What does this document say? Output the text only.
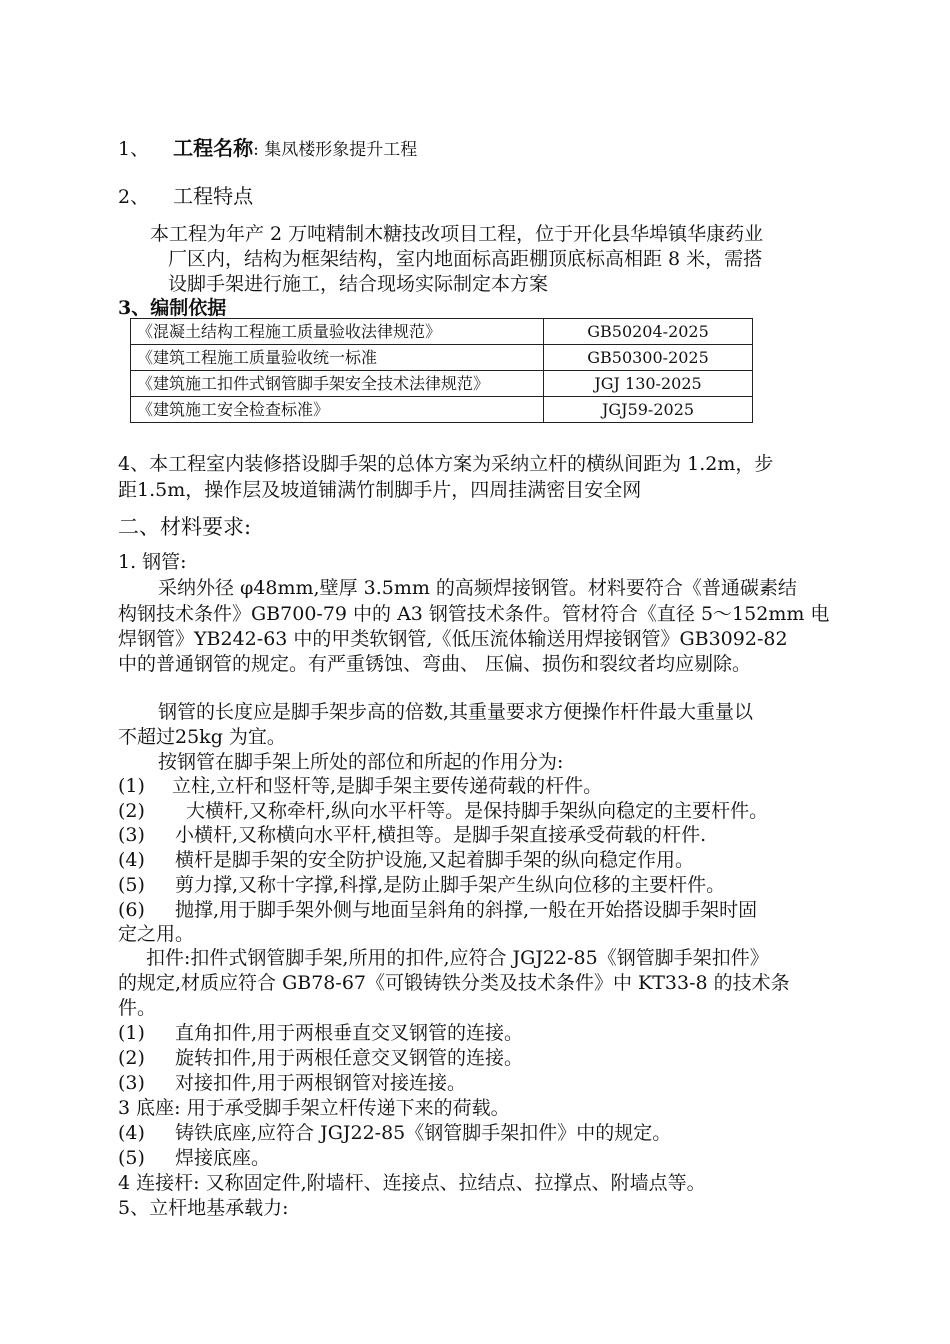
1、 工程名称: 集凤楼形象提升工程
2、 工程特点
本工程为年产 2 万吨精制木糖技改项目工程，位于开化县华埠镇华康药业
厂区内，结构为框架结构，室内地面标高距棚顶底标高相距 8 米，需搭
设脚手架进行施工，结合现场实际制定本方案
3、编制依据
《混凝土结构工程施工质量验收法律规范》	GB50204-2025
《建筑工程施工质量验收统一标准	GB50300-2025
《建筑施工扣件式钢管脚手架安全技术法律规范》	JGJ 130-2025
《建筑施工安全检查标准》	JGJ59-2025
4、本工程室内装修搭设脚手架的总体方案为采纳立杆的横纵间距为 1.2m，步
距1.5m，操作层及坡道铺满竹制脚手片，四周挂满密目安全网
二、材料要求:
1. 钢管:
采纳外径 φ48mm,壁厚 3.5mm 的高频焊接钢管。材料要符合《普通碳素结
构钢技术条件》GB700-79 中的 A3 钢管技术条件。管材符合《直径 5～152mm 电
焊钢管》YB242-63 中的甲类软钢管,《低压流体输送用焊接钢管》GB3092-82
中的普通钢管的规定。有严重锈蚀、弯曲、 压偏、损伤和裂纹者均应剔除。
钢管的长度应是脚手架步高的倍数,其重量要求方便操作杆件最大重量以
不超过25kg 为宜。
按钢管在脚手架上所处的部位和所起的作用分为:
(1) 立柱,立杆和竖杆等,是脚手架主要传递荷载的杆件。
(2) 大横杆,又称牵杆,纵向水平杆等。是保持脚手架纵向稳定的主要杆件。
(3) 小横杆,又称横向水平杆,横担等。是脚手架直接承受荷载的杆件.
(4) 横杆是脚手架的安全防护设施,又起着脚手架的纵向稳定作用。
(5) 剪力撑,又称十字撑,科撑,是防止脚手架产生纵向位移的主要杆件。
(6) 抛撑,用于脚手架外侧与地面呈斜角的斜撑,一般在开始搭设脚手架时固
定之用。
扣件:扣件式钢管脚手架,所用的扣件,应符合 JGJ22-85《钢管脚手架扣件》
的规定,材质应符合 GB78-67《可锻铸铁分类及技术条件》中 KT33-8 的技术条
件。
(1) 直角扣件,用于两根垂直交叉钢管的连接。
(2) 旋转扣件,用于两根任意交叉钢管的连接。
(3) 对接扣件,用于两根钢管对接连接。
3 底座: 用于承受脚手架立杆传递下来的荷载。
(4) 铸铁底座,应符合 JGJ22-85《钢管脚手架扣件》中的规定。
(5) 焊接底座。
4 连接杆: 又称固定件,附墙杆、连接点、拉结点、拉撑点、附墙点等。
5、立杆地基承载力:
